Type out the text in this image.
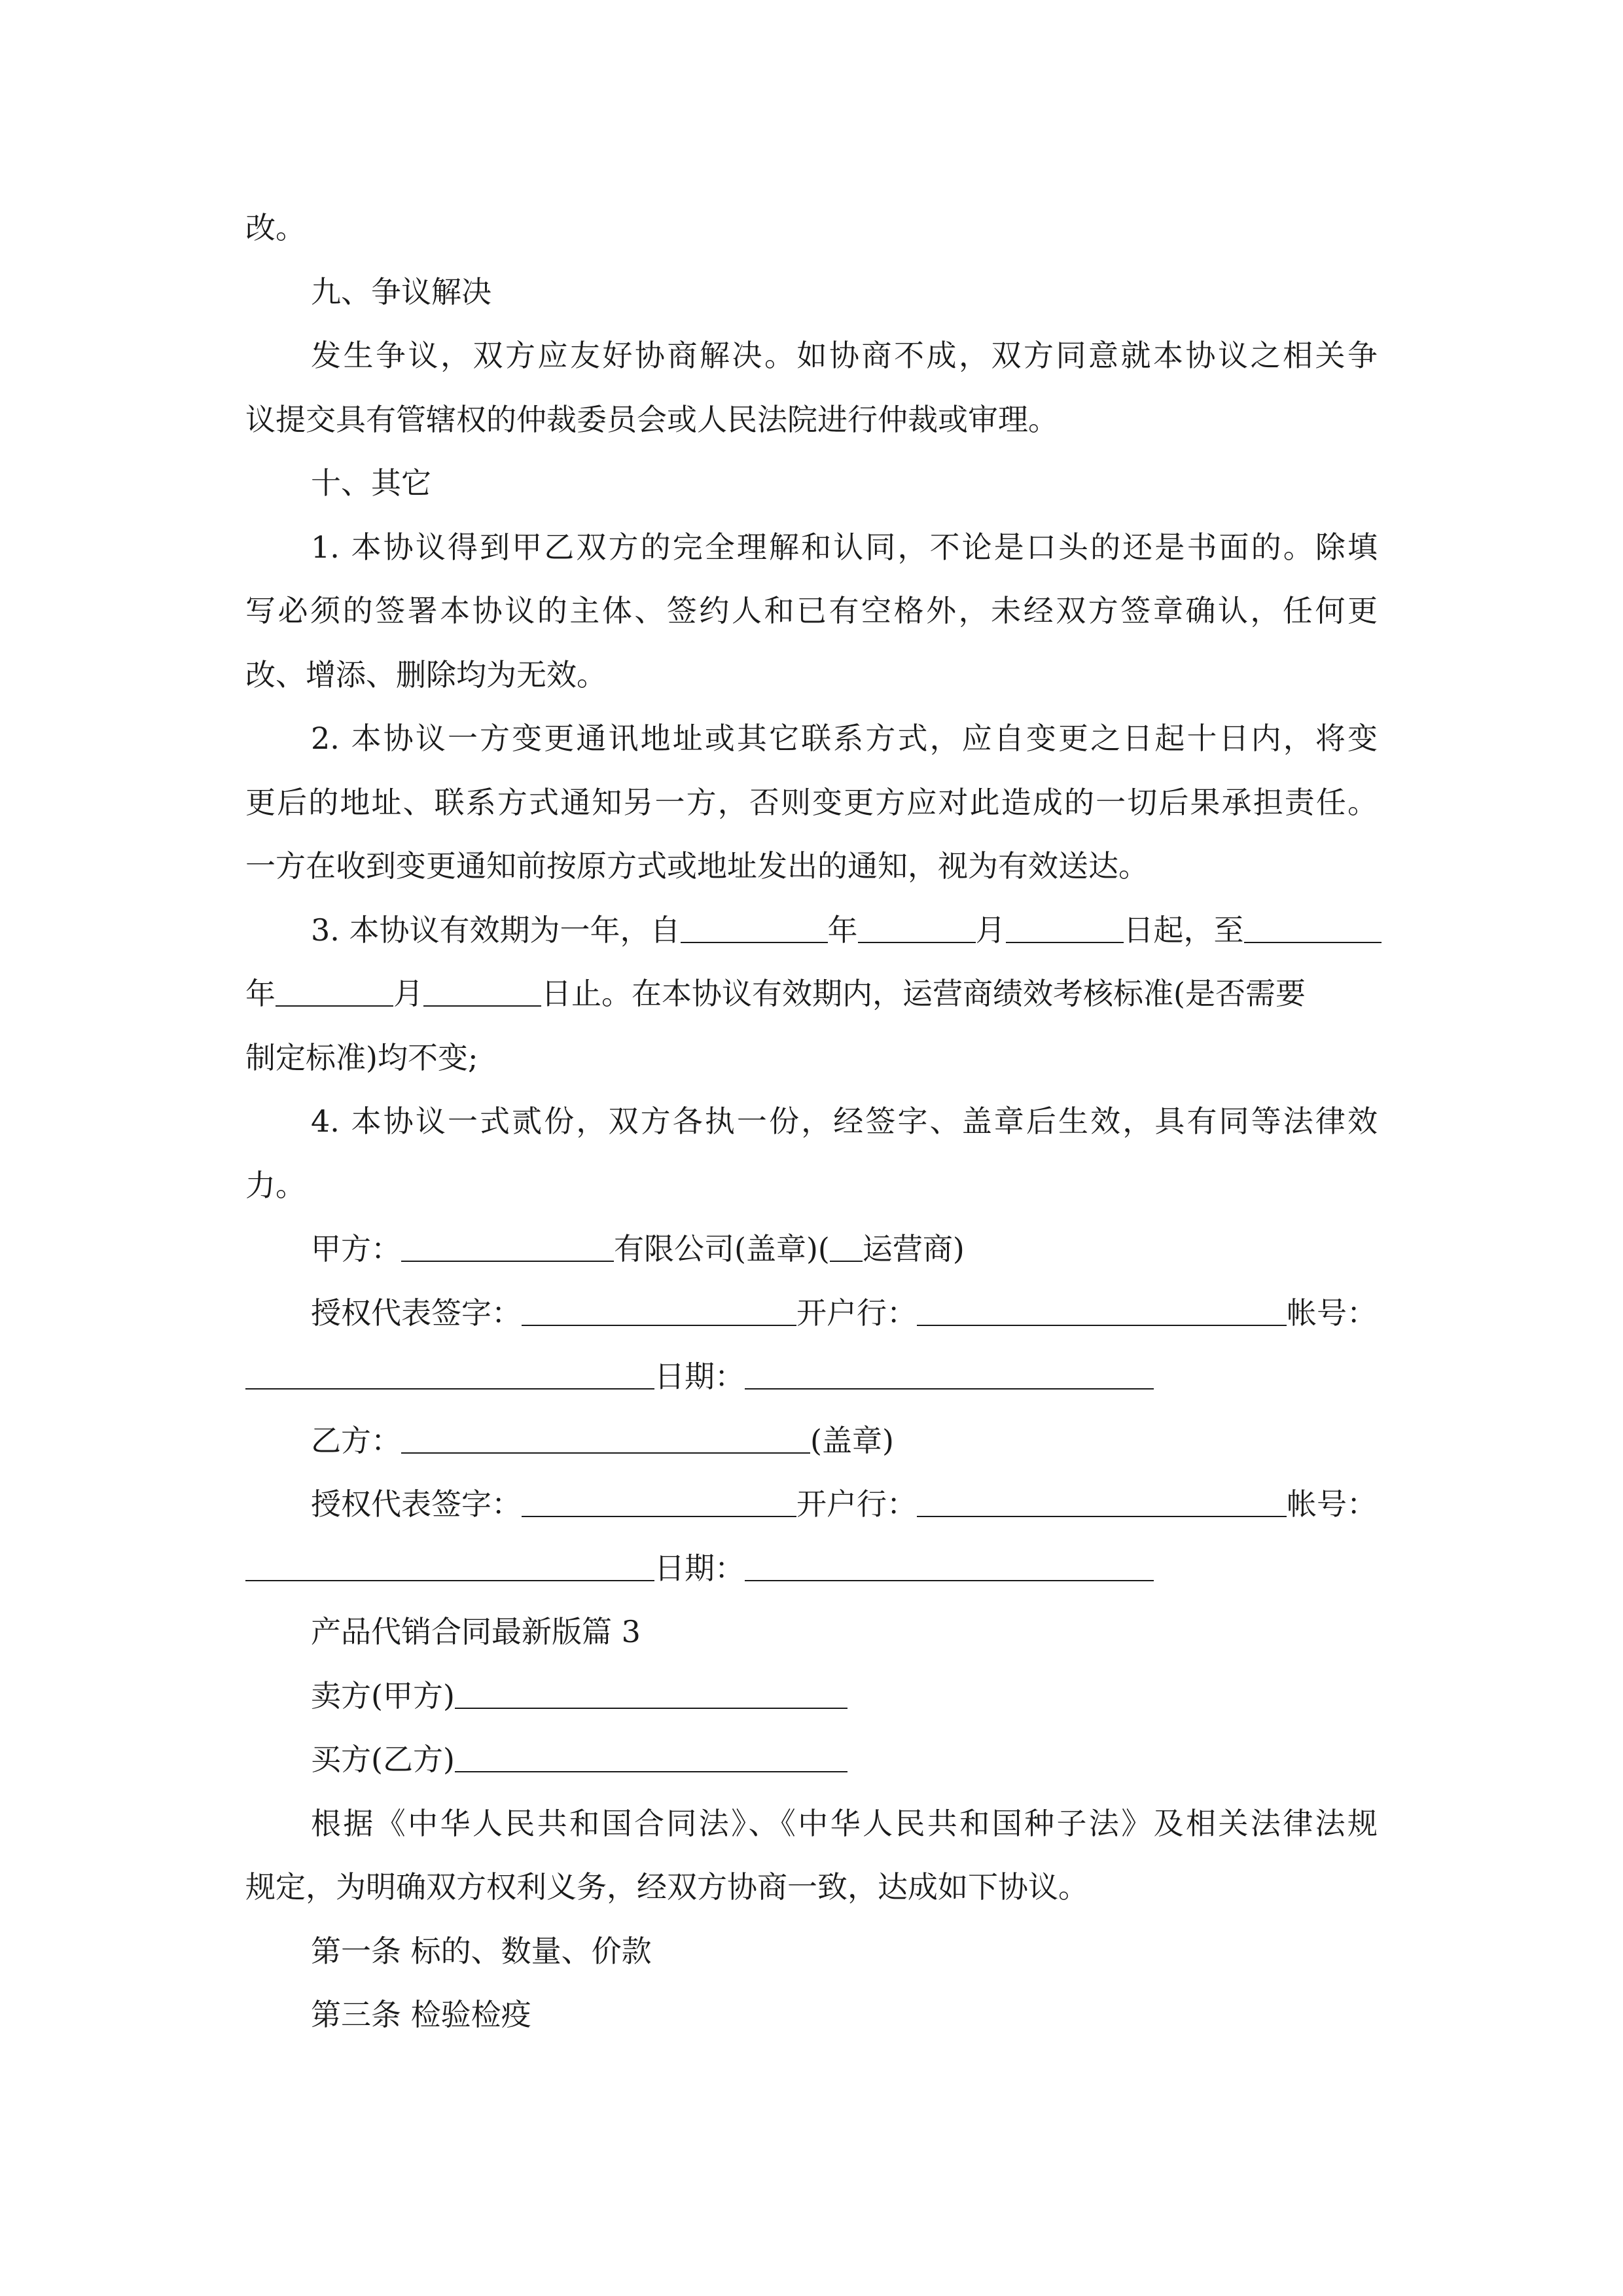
改。
九、争议解决
发生争议，双方应友好协商解决。如协商不成，双方同意就本协议之相关争
议提交具有管辖权的仲裁委员会或人民法院进行仲裁或审理。
十、其它
1. 本协议得到甲乙双方的完全理解和认同，不论是口头的还是书面的。除填
写必须的签署本协议的主体、签约人和已有空格外，未经双方签章确认，任何更
改、增添、删除均为无效。
2. 本协议一方变更通讯地址或其它联系方式，应自变更之日起十日内，将变
更后的地址、联系方式通知另一方，否则变更方应对此造成的一切后果承担责任。
一方在收到变更通知前按原方式或地址发出的通知，视为有效送达。
3. 本协议有效期为一年，自	年	月	日起，至
年	月	日止。在本协议有效期内，运营商绩效考核标准(是否需要
制定标准)均不变;
4. 本协议一式贰份，双方各执一份，经签字、盖章后生效，具有同等法律效
力。
甲方：	有限公司(盖章)( 运营商)
授权代表签字：	开户行：	帐号：
日期：
乙方：	(盖章)
授权代表签字：	开户行：	帐号：
日期：
产品代销合同最新版篇 3
卖方(甲方)
买方(乙方)
根据《中华人民共和国合同法》、《中华人民共和国种子法》及相关法律法规
规定，为明确双方权利义务，经双方协商一致，达成如下协议。
第一条 标的、数量、价款
第三条 检验检疫
